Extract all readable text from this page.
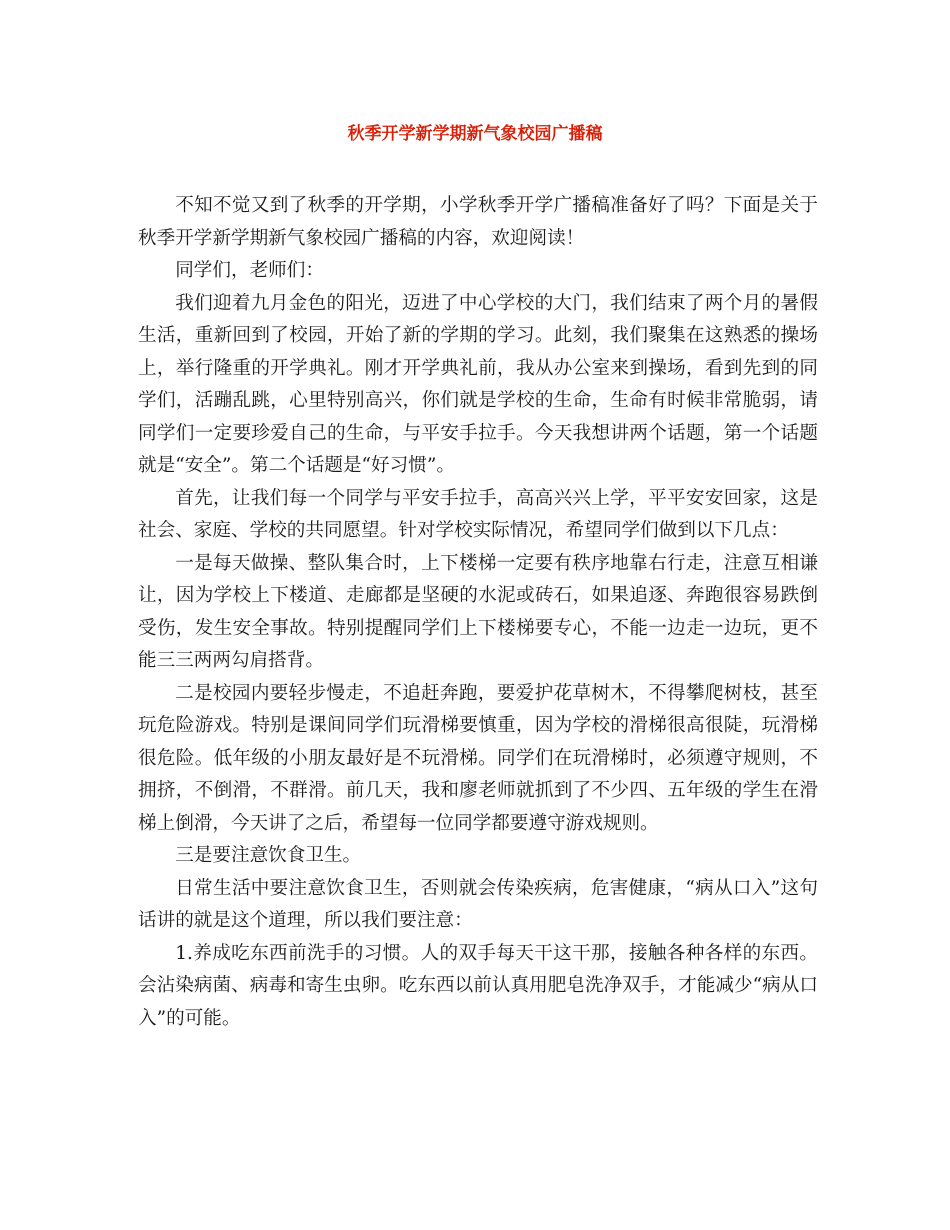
秋季开学新学期新气象校园广播稿

不知不觉又到了秋季的开学期，小学秋季开学广播稿准备好了吗？下面是关于秋季开学新学期新气象校园广播稿的内容，欢迎阅读！

同学们，老师们：

我们迎着九月金色的阳光，迈进了中心学校的大门，我们结束了两个月的暑假生活，重新回到了校园，开始了新的学期的学习。此刻，我们聚集在这熟悉的操场上，举行隆重的开学典礼。刚才开学典礼前，我从办公室来到操场，看到先到的同学们，活蹦乱跳，心里特别高兴，你们就是学校的生命，生命有时候非常脆弱，请同学们一定要珍爱自己的生命，与平安手拉手。今天我想讲两个话题，第一个话题就是“安全”。第二个话题是“好习惯”。

首先，让我们每一个同学与平安手拉手，高高兴兴上学，平平安安回家，这是社会、家庭、学校的共同愿望。针对学校实际情况，希望同学们做到以下几点：

一是每天做操、整队集合时，上下楼梯一定要有秩序地靠右行走，注意互相谦让，因为学校上下楼道、走廊都是坚硬的水泥或砖石，如果追逐、奔跑很容易跌倒受伤，发生安全事故。特别提醒同学们上下楼梯要专心，不能一边走一边玩，更不能三三两两勾肩搭背。

二是校园内要轻步慢走，不追赶奔跑，要爱护花草树木，不得攀爬树枝，甚至玩危险游戏。特别是课间同学们玩滑梯要慎重，因为学校的滑梯很高很陡，玩滑梯很危险。低年级的小朋友最好是不玩滑梯。同学们在玩滑梯时，必须遵守规则，不拥挤，不倒滑，不群滑。前几天，我和廖老师就抓到了不少四、五年级的学生在滑梯上倒滑，今天讲了之后，希望每一位同学都要遵守游戏规则。

三是要注意饮食卫生。

日常生活中要注意饮食卫生，否则就会传染疾病，危害健康，“病从口入”这句话讲的就是这个道理，所以我们要注意：

1.养成吃东西前洗手的习惯。人的双手每天干这干那，接触各种各样的东西。会沾染病菌、病毒和寄生虫卵。吃东西以前认真用肥皂洗净双手，才能减少“病从口入”的可能。
